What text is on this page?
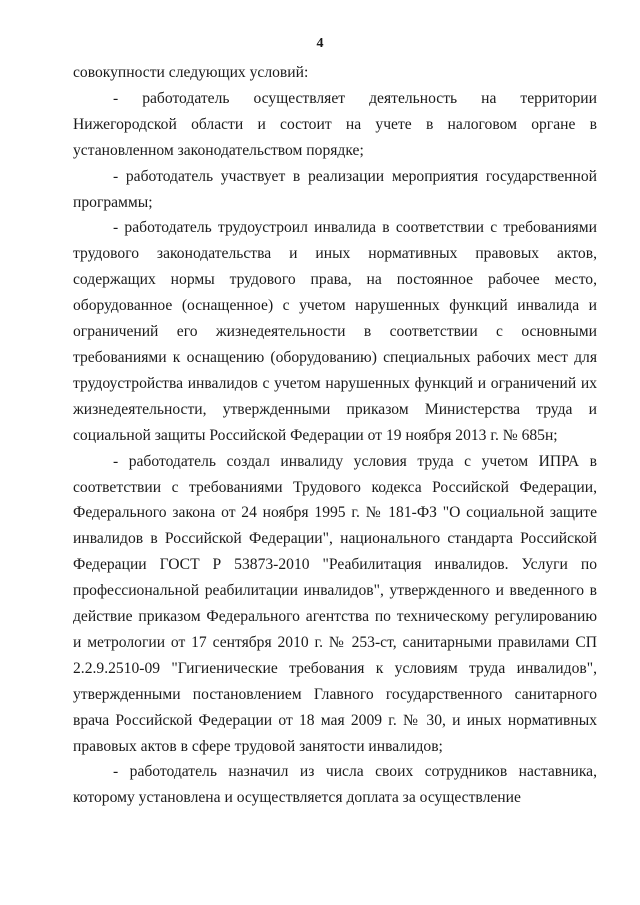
4

совокупности следующих условий:

- работодатель осуществляет деятельность на территории Нижегородской области и состоит на учете в налоговом органе в установленном законодательством порядке;

- работодатель участвует в реализации мероприятия государственной программы;

- работодатель трудоустроил инвалида в соответствии с требованиями трудового законодательства и иных нормативных правовых актов, содержащих нормы трудового права, на постоянное рабочее место, оборудованное (оснащенное) с учетом нарушенных функций инвалида и ограничений его жизнедеятельности в соответствии с основными требованиями к оснащению (оборудованию) специальных рабочих мест для трудоустройства инвалидов с учетом нарушенных функций и ограничений их жизнедеятельности, утвержденными приказом Министерства труда и социальной защиты Российской Федерации от 19 ноября 2013 г. № 685н;

- работодатель создал инвалиду условия труда с учетом ИПРА в соответствии с требованиями Трудового кодекса Российской Федерации, Федерального закона от 24 ноября 1995 г. № 181-ФЗ "О социальной защите инвалидов в Российской Федерации", национального стандарта Российской Федерации ГОСТ Р 53873-2010 "Реабилитация инвалидов. Услуги по профессиональной реабилитации инвалидов", утвержденного и введенного в действие приказом Федерального агентства по техническому регулированию и метрологии от 17 сентября 2010 г. № 253-ст, санитарными правилами СП 2.2.9.2510-09 "Гигиенические требования к условиям труда инвалидов", утвержденными постановлением Главного государственного санитарного врача Российской Федерации от 18 мая 2009 г. № 30, и иных нормативных правовых актов в сфере трудовой занятости инвалидов;

- работодатель назначил из числа своих сотрудников наставника, которому установлена и осуществляется доплата за осуществление
